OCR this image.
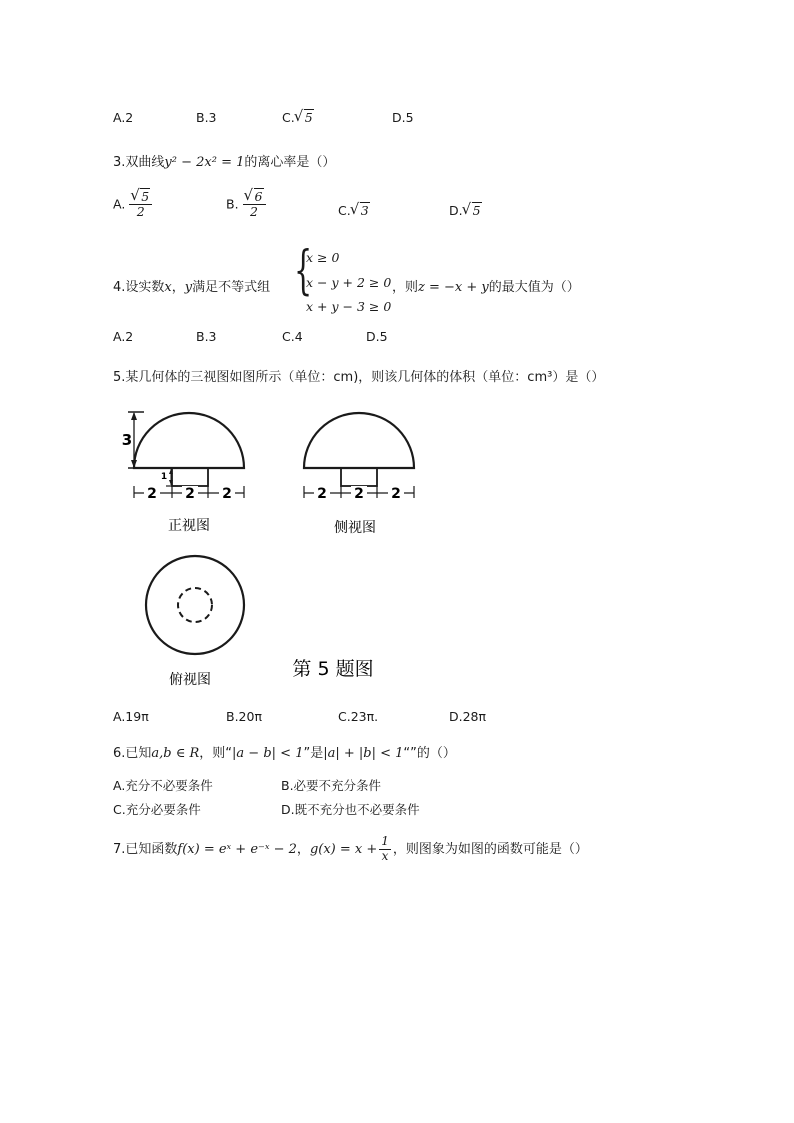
A.2	B.3	C. √ 5	D.5
3.双曲线y² − 2x² = 1的离心率是（）
A. √ $\frac{5}{2}$	B. √ $\frac{6}{2}$	C. √ 3	D. √ 5
4.设实数x，y满足不等式组 {
x ≥ 0
x − y + 2 ≥ 0
x + y − 3 ≥ 0
，则z = −x + y的最大值为（）
A.2	B.3	C.4	D.5
5.某几何体的三视图如图所示（单位：cm)，则该几何体的体积（单位：cm³）是（）
3
1
2 2 2
正视图
2 2 2
侧视图
俯视图	第 5 题图
A.19π	B.20π	C.23π.	D.28π
6.已知a,b ∈ R，则“|a − b| < 1”是|a| + |b| < 1“”的（）
A.充分不必要条件	B.必要不充分条件
C.充分必要条件	D.既不充分也不必要条件
7.已知函数f(x) = eˣ + e⁻ˣ − 2，$g(x) = x + \frac{1}{x}$ ，则图象为如图的函数可能是（）
